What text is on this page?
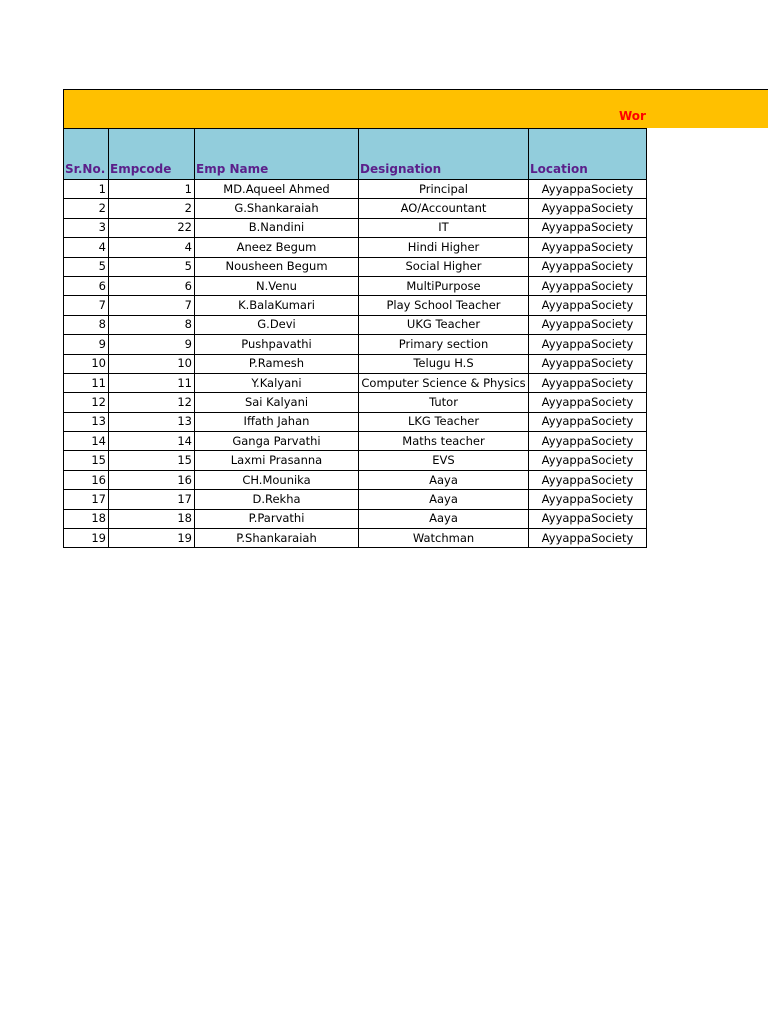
Wor
Sr.No.	Empcode	Emp Name	Designation	Location
1	1	MD.Aqueel Ahmed	Principal	AyyappaSociety
2	2	G.Shankaraiah	AO/Accountant	AyyappaSociety
3	22	B.Nandini	IT	AyyappaSociety
4	4	Aneez Begum	Hindi Higher	AyyappaSociety
5	5	Nousheen Begum	Social Higher	AyyappaSociety
6	6	N.Venu	MultiPurpose	AyyappaSociety
7	7	K.BalaKumari	Play School Teacher	AyyappaSociety
8	8	G.Devi	UKG Teacher	AyyappaSociety
9	9	Pushpavathi	Primary section	AyyappaSociety
10	10	P.Ramesh	Telugu H.S	AyyappaSociety
11	11	Y.Kalyani	Computer Science & Physics	AyyappaSociety
12	12	Sai Kalyani	Tutor	AyyappaSociety
13	13	Iffath Jahan	LKG Teacher	AyyappaSociety
14	14	Ganga Parvathi	Maths teacher	AyyappaSociety
15	15	Laxmi Prasanna	EVS	AyyappaSociety
16	16	CH.Mounika	Aaya	AyyappaSociety
17	17	D.Rekha	Aaya	AyyappaSociety
18	18	P.Parvathi	Aaya	AyyappaSociety
19	19	P.Shankaraiah	Watchman	AyyappaSociety
